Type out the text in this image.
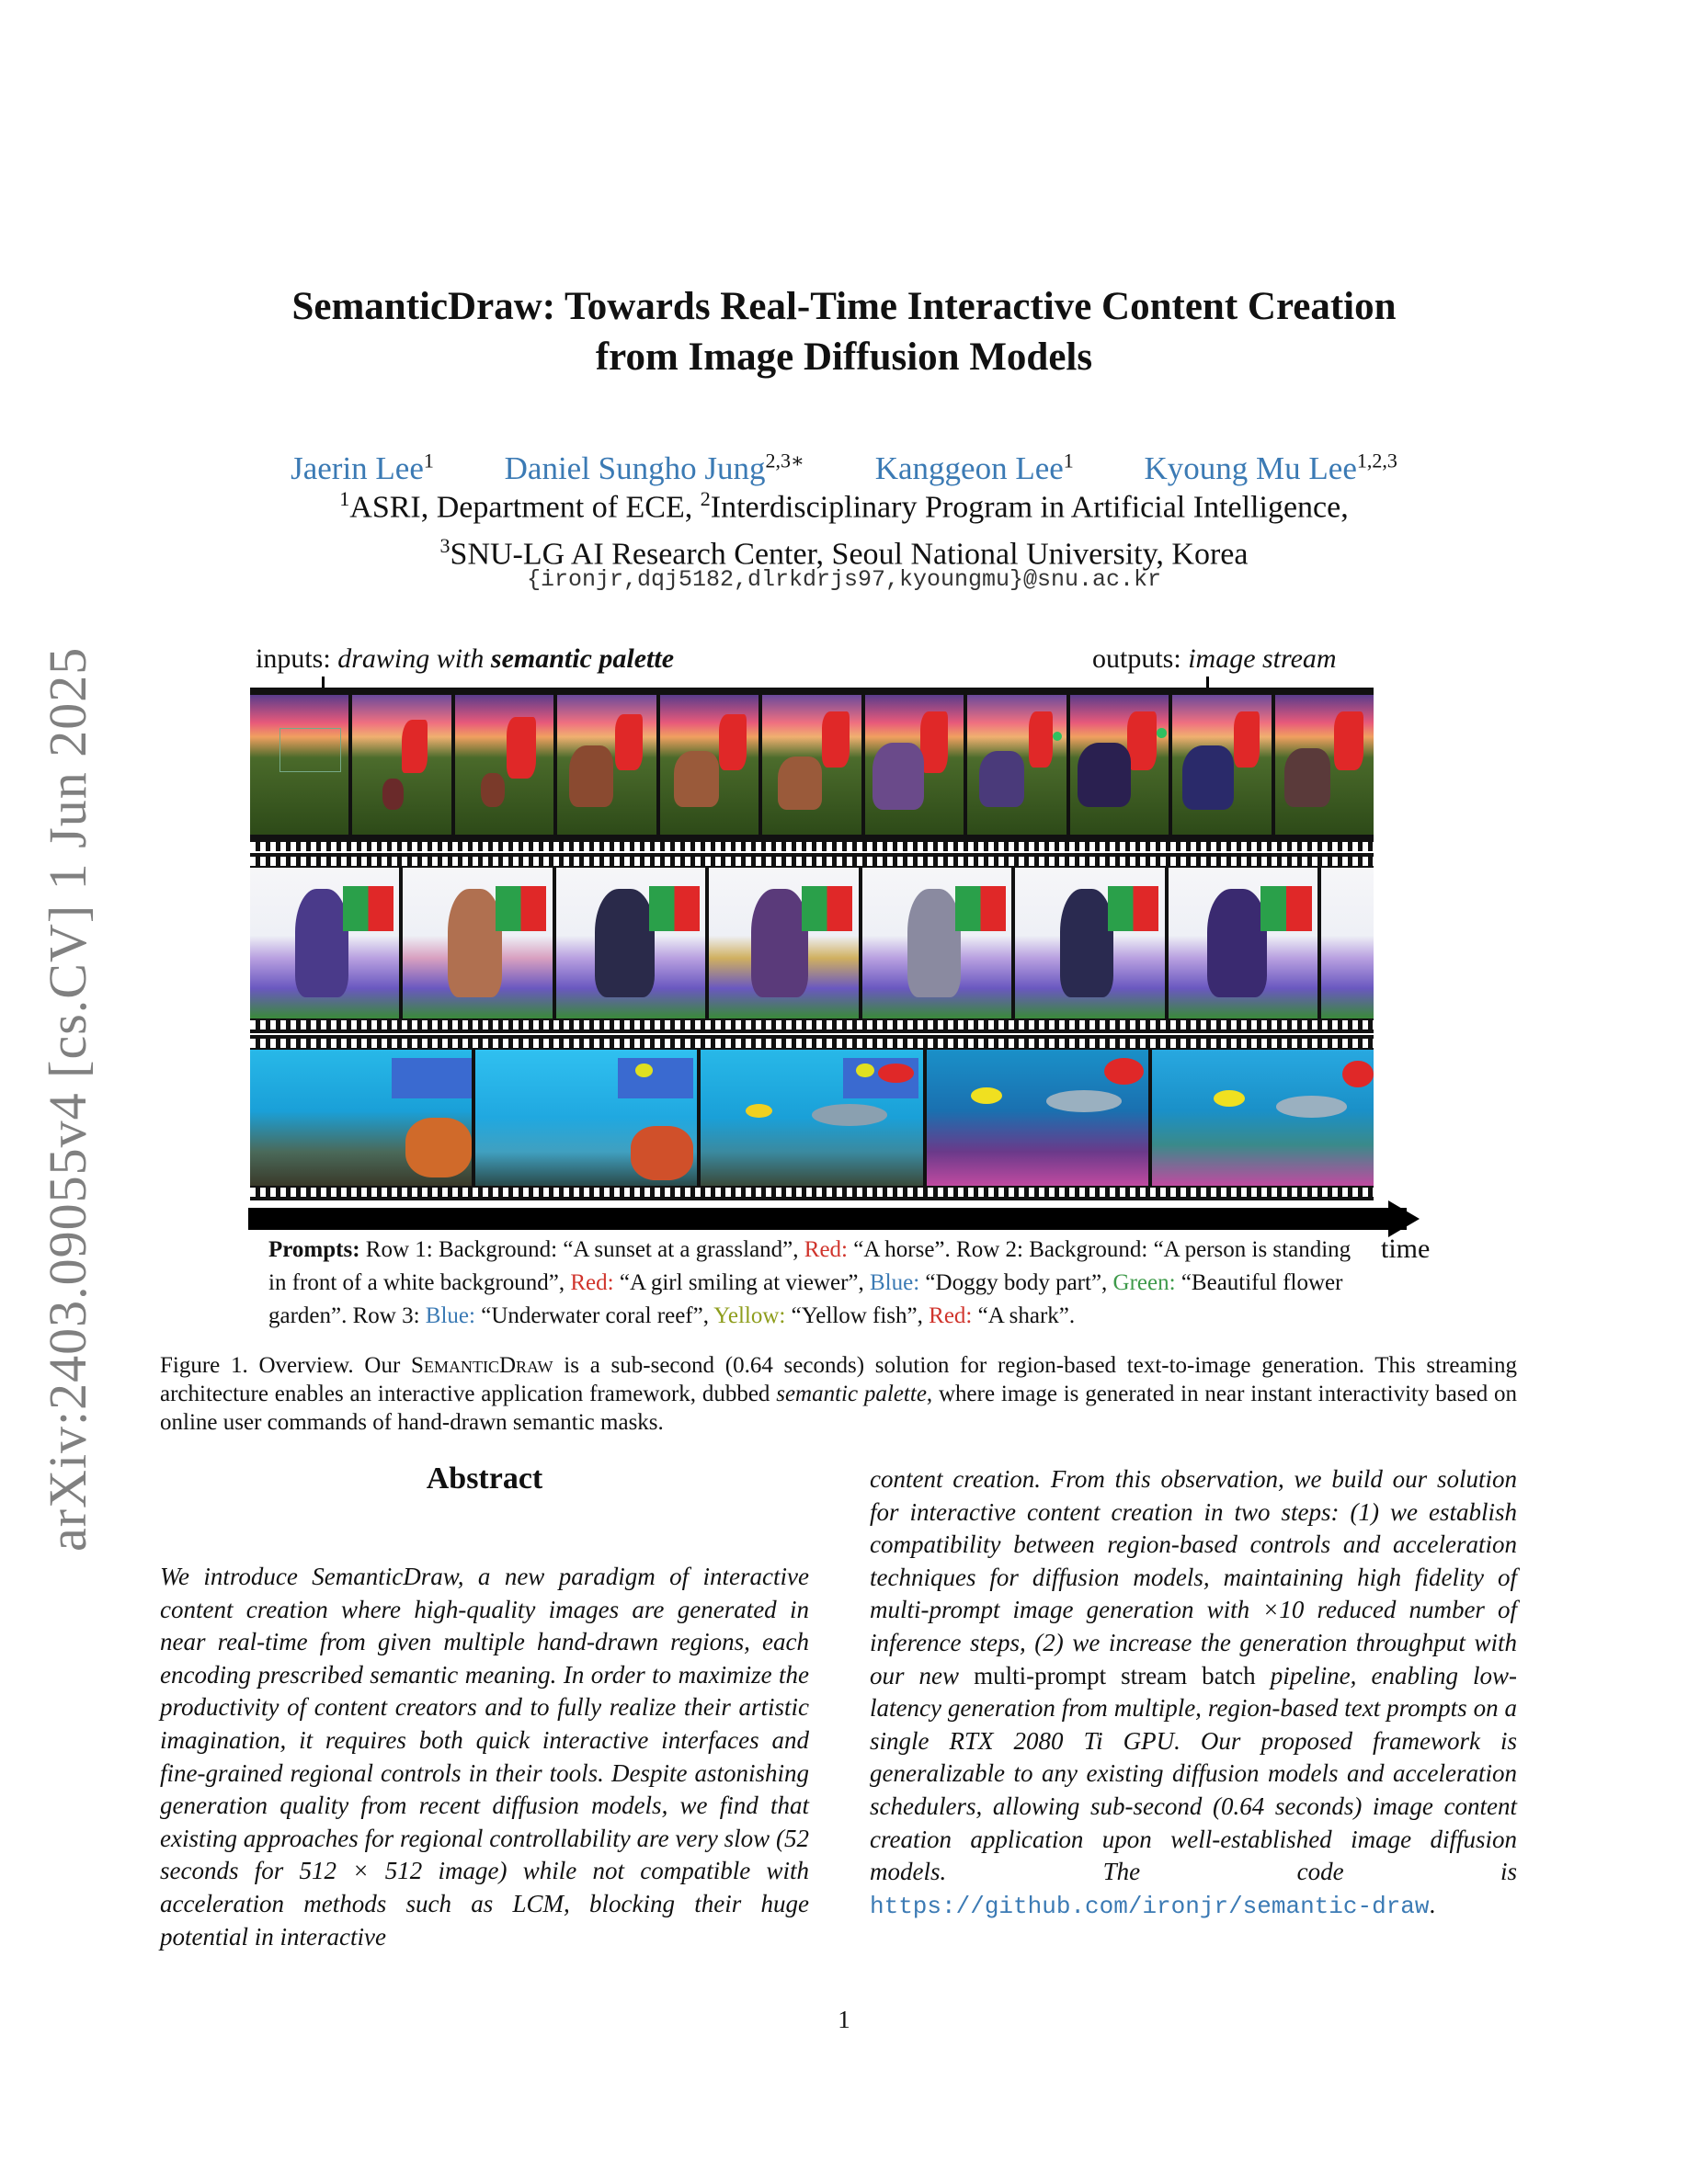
arXiv:2403.09055v4 [cs.CV] 1 Jun 2025
SemanticDraw: Towards Real-Time Interactive Content Creation
from Image Diffusion Models
Jaerin Lee$^1$ Daniel Sungho Jung$^{2,3∗}$ Kanggeon Lee$^1$ Kyoung Mu Lee$^{1,2,3}$
$^1$ASRI, Department of ECE, $^2$Interdisciplinary Program in Artificial Intelligence,
$^3$SNU-LG AI Research Center, Seoul National University, Korea
{ironjr,dqj5182,dlrkdrjs97,kyoungmu}@snu.ac.kr
inputs: drawing with semantic palette	outputs: image stream
time
Prompts: Row 1: Background: “A sunset at a grassland”, Red: “A horse”. Row 2: Background: “A person is standing in front of a white background”, Red: “A girl smiling at viewer”, Blue: “Doggy body part”, Green: “Beautiful flower garden”. Row 3: Blue: “Underwater coral reef”, Yellow: “Yellow fish”, Red: “A shark”.
Figure 1. Overview. Our SemanticDraw is a sub-second (0.64 seconds) solution for region-based text-to-image generation. This streaming architecture enables an interactive application framework, dubbed semantic palette, where image is generated in near instant interactivity based on online user commands of hand-drawn semantic masks.
Abstract
We introduce SemanticDraw, a new paradigm of interactive content creation where high-quality images are generated in near real-time from given multiple hand-drawn regions, each encoding prescribed semantic meaning. In order to maximize the productivity of content creators and to fully realize their artistic imagination, it requires both quick interactive interfaces and fine-grained regional controls in their tools. Despite astonishing generation quality from recent diffusion models, we find that existing approaches for regional controllability are very slow (52 seconds for 512 × 512 image) while not compatible with acceleration methods such as LCM, blocking their huge potential in interactive
content creation. From this observation, we build our solution for interactive content creation in two steps: (1) we establish compatibility between region-based controls and acceleration techniques for diffusion models, maintaining high fidelity of multi-prompt image generation with ×10 reduced number of inference steps, (2) we increase the generation throughput with our new multi-prompt stream batch pipeline, enabling low-latency generation from multiple, region-based text prompts on a single RTX 2080 Ti GPU. Our proposed framework is generalizable to any existing diffusion models and acceleration schedulers, allowing sub-second (0.64 seconds) image content creation application upon well-established image diffusion models. The code is https://github.com/ironjr/semantic-draw.
1
